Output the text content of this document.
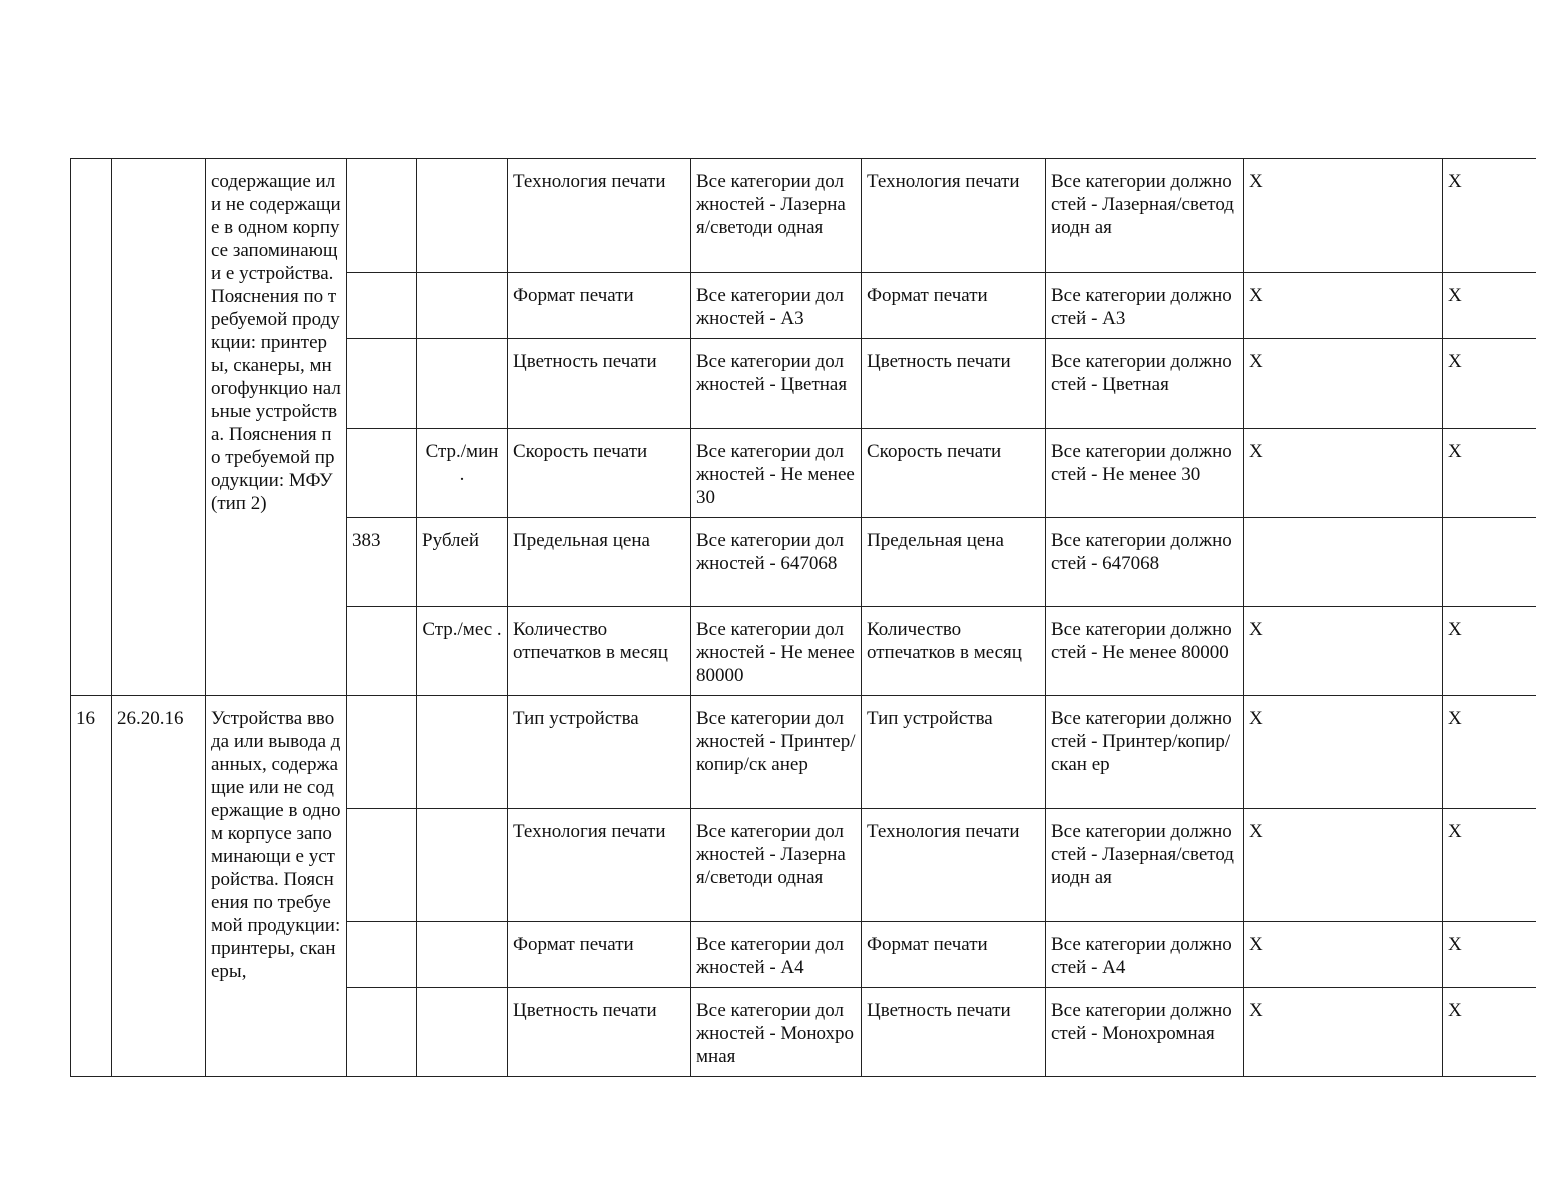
		содержащие или не содержащие в одном корпусе запоминающи е устройства. Пояснения по требуемой продукции: принтеры, сканеры, многофункцио нальные устройства. Пояснения по требуемой продукции: МФУ (тип 2)			Технология печати	Все категории должностей - Лазерная/светоди одная	Технология печати	Все категории должностей - Лазерная/светодиодн ая	X	X
					Формат печати	Все категории должностей - А3	Формат печати	Все категории должностей - А3	X	X
					Цветность печати	Все категории должностей - Цветная	Цветность печати	Все категории должностей - Цветная	X	X
				Стр./мин .	Скорость печати	Все категории должностей - Не менее 30	Скорость печати	Все категории должностей - Не менее 30	X	X
			383	Рублей	Предельная цена	Все категории должностей - 647068	Предельная цена	Все категории должностей - 647068		
				Стр./мес .	Количество отпечатков в месяц	Все категории должностей - Не менее 80000	Количество отпечатков в месяц	Все категории должностей - Не менее 80000	X	X
16	26.20.16	Устройства ввода или вывода данных, содержащие или не содержащие в одном корпусе запоминающи е устройства. Пояснения по требуемой продукции: принтеры, сканеры,			Тип устройства	Все категории должностей - Принтер/копир/ск анер	Тип устройства	Все категории должностей - Принтер/копир/скан ер	X	X
					Технология печати	Все категории должностей - Лазерная/светоди одная	Технология печати	Все категории должностей - Лазерная/светодиодн ая	X	X
					Формат печати	Все категории должностей - А4	Формат печати	Все категории должностей - А4	X	X
					Цветность печати	Все категории должностей - Монохромная	Цветность печати	Все категории должностей - Монохромная	X	X
